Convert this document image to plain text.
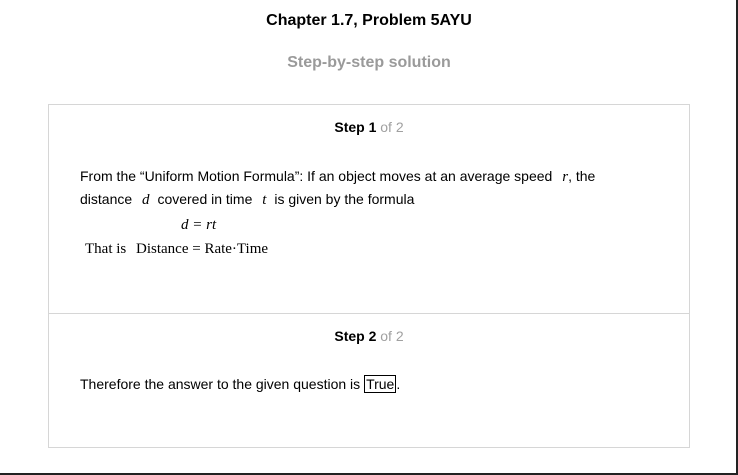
Chapter 1.7, Problem 5AYU
Step-by-step solution
Step 1 of 2
From the “Uniform Motion Formula”: If an object moves at an average speed r, the
distance d covered in time t is given by the formula
d = rt
That is Distance = Rate·Time
Step 2 of 2
Therefore the answer to the given question is True .
